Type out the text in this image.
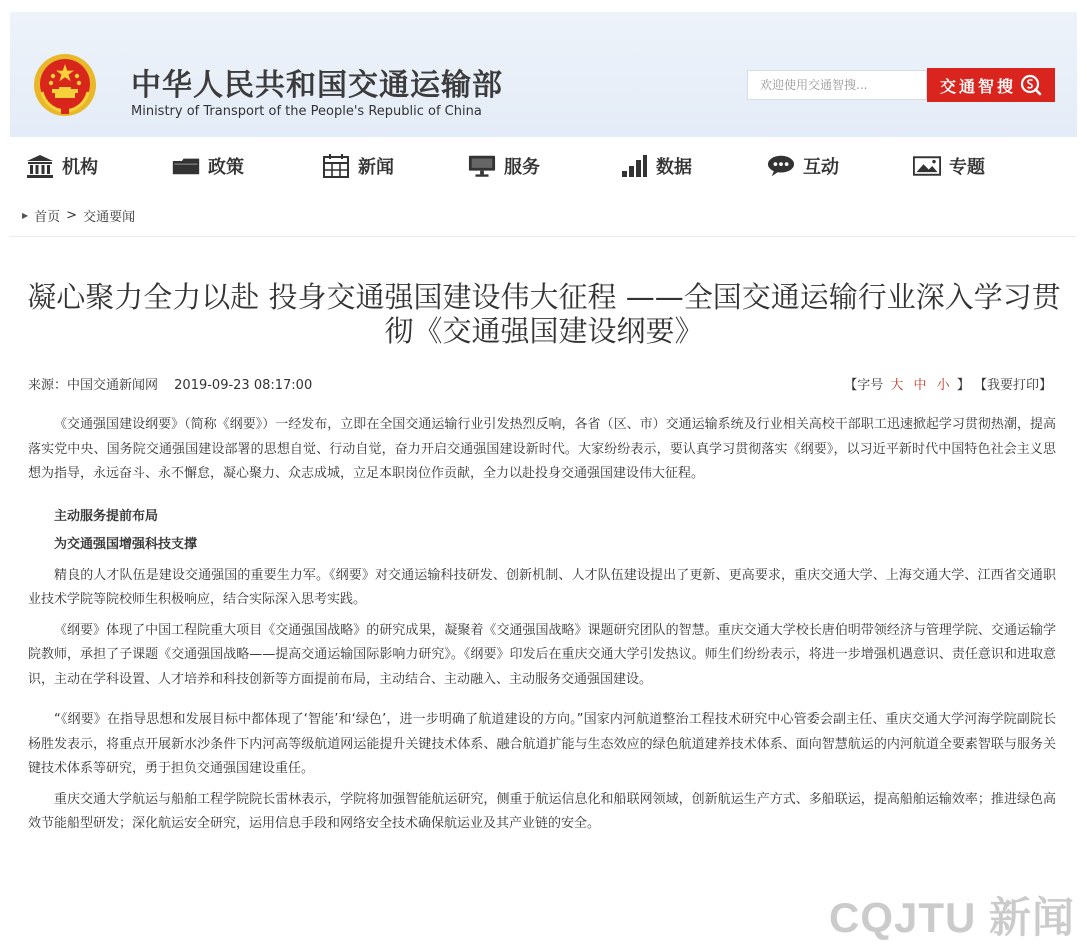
中华人民共和国交通运输部
Ministry of Transport of the People's Republic of China
欢迎使用交通智搜...
交通智搜
机构	政策	新闻	服务	数据	互动	专题
▶ 首页 > 交通要闻
凝心聚力全力以赴 投身交通强国建设伟大征程 ——全国交通运输行业深入学习贯彻《交通强国建设纲要》
来源：中国交通新闻网 2019-09-23 08:17:00	【字号 大 中 小 】 【我要打印】

《交通强国建设纲要》（简称《纲要》）一经发布，立即在全国交通运输行业引发热烈反响，各省（区、市）交通运输系统及行业相关高校干部职工迅速掀起学习贯彻热潮，提高落实党中央、国务院交通强国建设部署的思想自觉、行动自觉，奋力开启交通强国建设新时代。大家纷纷表示，要认真学习贯彻落实《纲要》，以习近平新时代中国特色社会主义思想为指导，永远奋斗、永不懈怠，凝心聚力、众志成城，立足本职岗位作贡献，全力以赴投身交通强国建设伟大征程。

主动服务提前布局

为交通强国增强科技支撑

精良的人才队伍是建设交通强国的重要生力军。《纲要》对交通运输科技研发、创新机制、人才队伍建设提出了更新、更高要求，重庆交通大学、上海交通大学、江西省交通职业技术学院等院校师生积极响应，结合实际深入思考实践。

《纲要》体现了中国工程院重大项目《交通强国战略》的研究成果，凝聚着《交通强国战略》课题研究团队的智慧。重庆交通大学校长唐伯明带领经济与管理学院、交通运输学院教师，承担了子课题《交通强国战略——提高交通运输国际影响力研究》。《纲要》印发后在重庆交通大学引发热议。师生们纷纷表示，将进一步增强机遇意识、责任意识和进取意识，主动在学科设置、人才培养和科技创新等方面提前布局，主动结合、主动融入、主动服务交通强国建设。

“《纲要》在指导思想和发展目标中都体现了‘智能’和‘绿色’，进一步明确了航道建设的方向。”国家内河航道整治工程技术研究中心管委会副主任、重庆交通大学河海学院副院长杨胜发表示，将重点开展新水沙条件下内河高等级航道网运能提升关键技术体系、融合航道扩能与生态效应的绿色航道建养技术体系、面向智慧航运的内河航道全要素智联与服务关键技术体系等研究，勇于担负交通强国建设重任。

重庆交通大学航运与船舶工程学院院长雷林表示，学院将加强智能航运研究，侧重于航运信息化和船联网领域，创新航运生产方式、多船联运，提高船舶运输效率；推进绿色高效节能船型研发；深化航运安全研究，运用信息手段和网络安全技术确保航运业及其产业链的安全。

CQJTU 新闻
